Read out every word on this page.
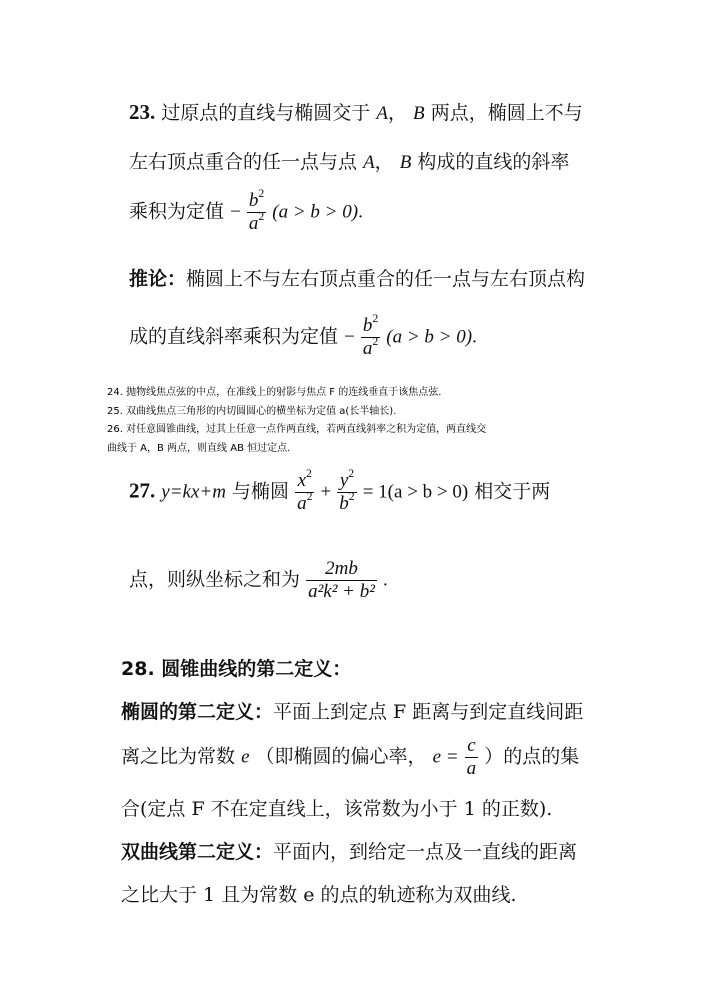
23. 过原点的直线与椭圆交于 A， B 两点，椭圆上不与
左右顶点重合的任一点与点 A， B 构成的直线的斜率
乘积为定值 − $\frac{b^2}{a^2} (a > b > 0)$.
推论：椭圆上不与左右顶点重合的任一点与左右顶点构
成的直线斜率乘积为定值 − $\frac{b^2}{a^2} (a > b > 0)$.
24. 抛物线焦点弦的中点，在准线上的射影与焦点 F 的连线垂直于该焦点弦.
25. 双曲线焦点三角形的内切圆圆心的横坐标为定值 a(长半轴长).
26. 对任意圆锥曲线，过其上任意一点作两直线，若两直线斜率之积为定值，两直线交
曲线于 A，B 两点，则直线 AB 恒过定点.
27. y=kx+m 与椭圆 $\frac{x^2}{a^2} + \frac{y^2}{b^2} = 1(a > b > 0)$ 相交于两
点，则纵坐标之和为 $\frac{2mb}{\text{a²k² + b²}}$ .
28. 圆锥曲线的第二定义：
椭圆的第二定义：平面上到定点 F 距离与到定直线间距
离之比为常数 e （即椭圆的偏心率， $e = \frac{c}{a}$ ）的点的集
合(定点 F 不在定直线上，该常数为小于 1 的正数).
双曲线第二定义：平面内，到给定一点及一直线的距离
之比大于 1 且为常数 e 的点的轨迹称为双曲线.
